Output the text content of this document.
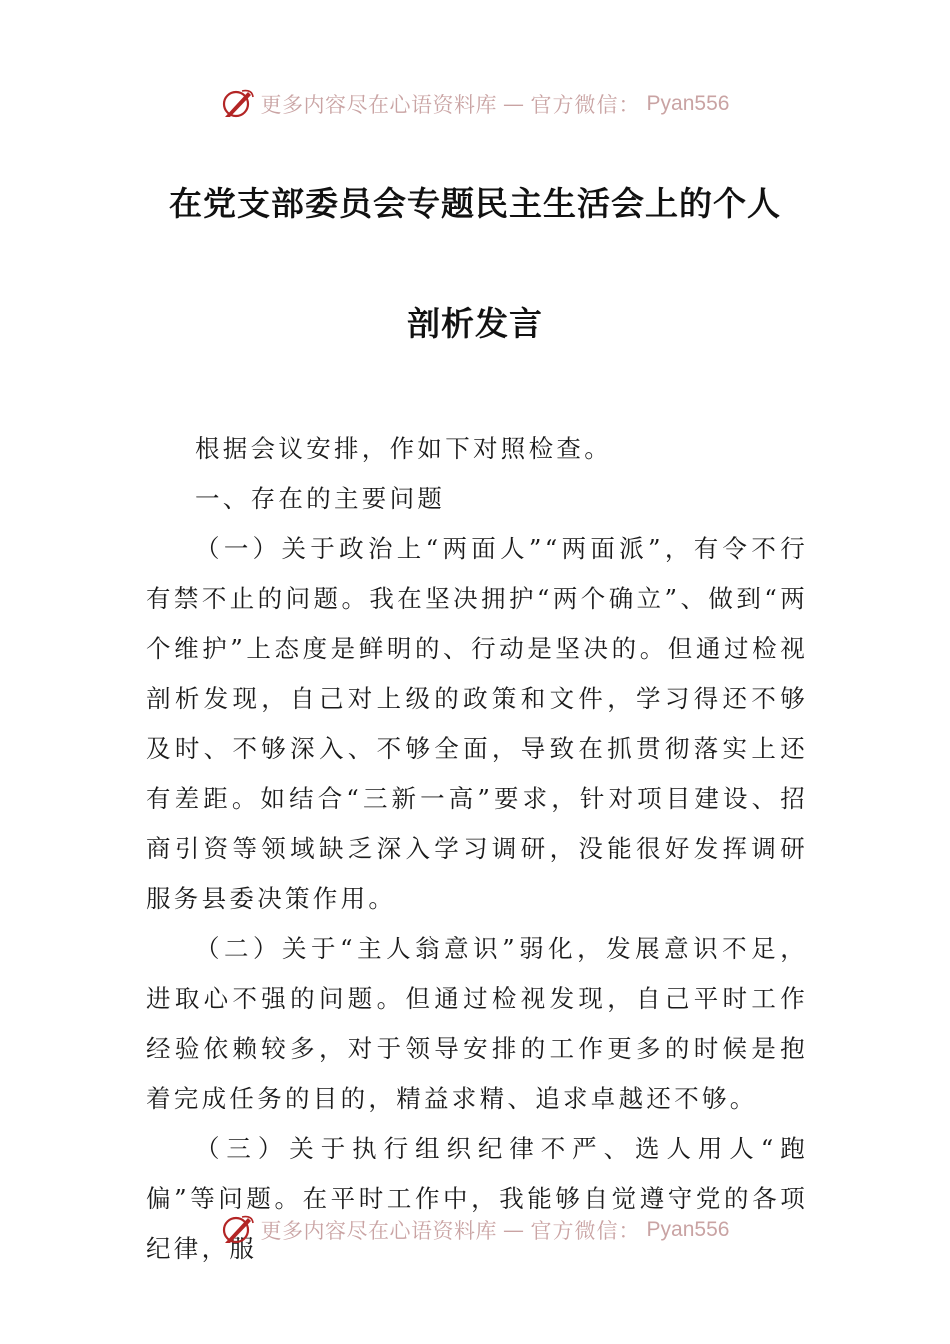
更多内容尽在心语资料库 — 官方微信： Pyan556
在党支部委员会专题民主生活会上的个人
剖析发言

根据会议安排，作如下对照检查。

一、存在的主要问题

（一）关于政治上“两面人”“两面派”，有令不行有禁不止的问题。我在坚决拥护“两个确立”、做到“两个维护”上态度是鲜明的、行动是坚决的。但通过检视剖析发现，自己对上级的政策和文件，学习得还不够及时、不够深入、不够全面，导致在抓贯彻落实上还有差距。如结合“三新一高”要求，针对项目建设、招商引资等领域缺乏深入学习调研，没能很好发挥调研服务县委决策作用。

（二）关于“主人翁意识”弱化，发展意识不足，进取心不强的问题。但通过检视发现，自己平时工作经验依赖较多，对于领导安排的工作更多的时候是抱着完成任务的目的，精益求精、追求卓越还不够。

（三）关于执行组织纪律不严、选人用人“跑偏”等问题。在平时工作中，我能够自觉遵守党的各项纪律，服

更多内容尽在心语资料库 — 官方微信： Pyan556
